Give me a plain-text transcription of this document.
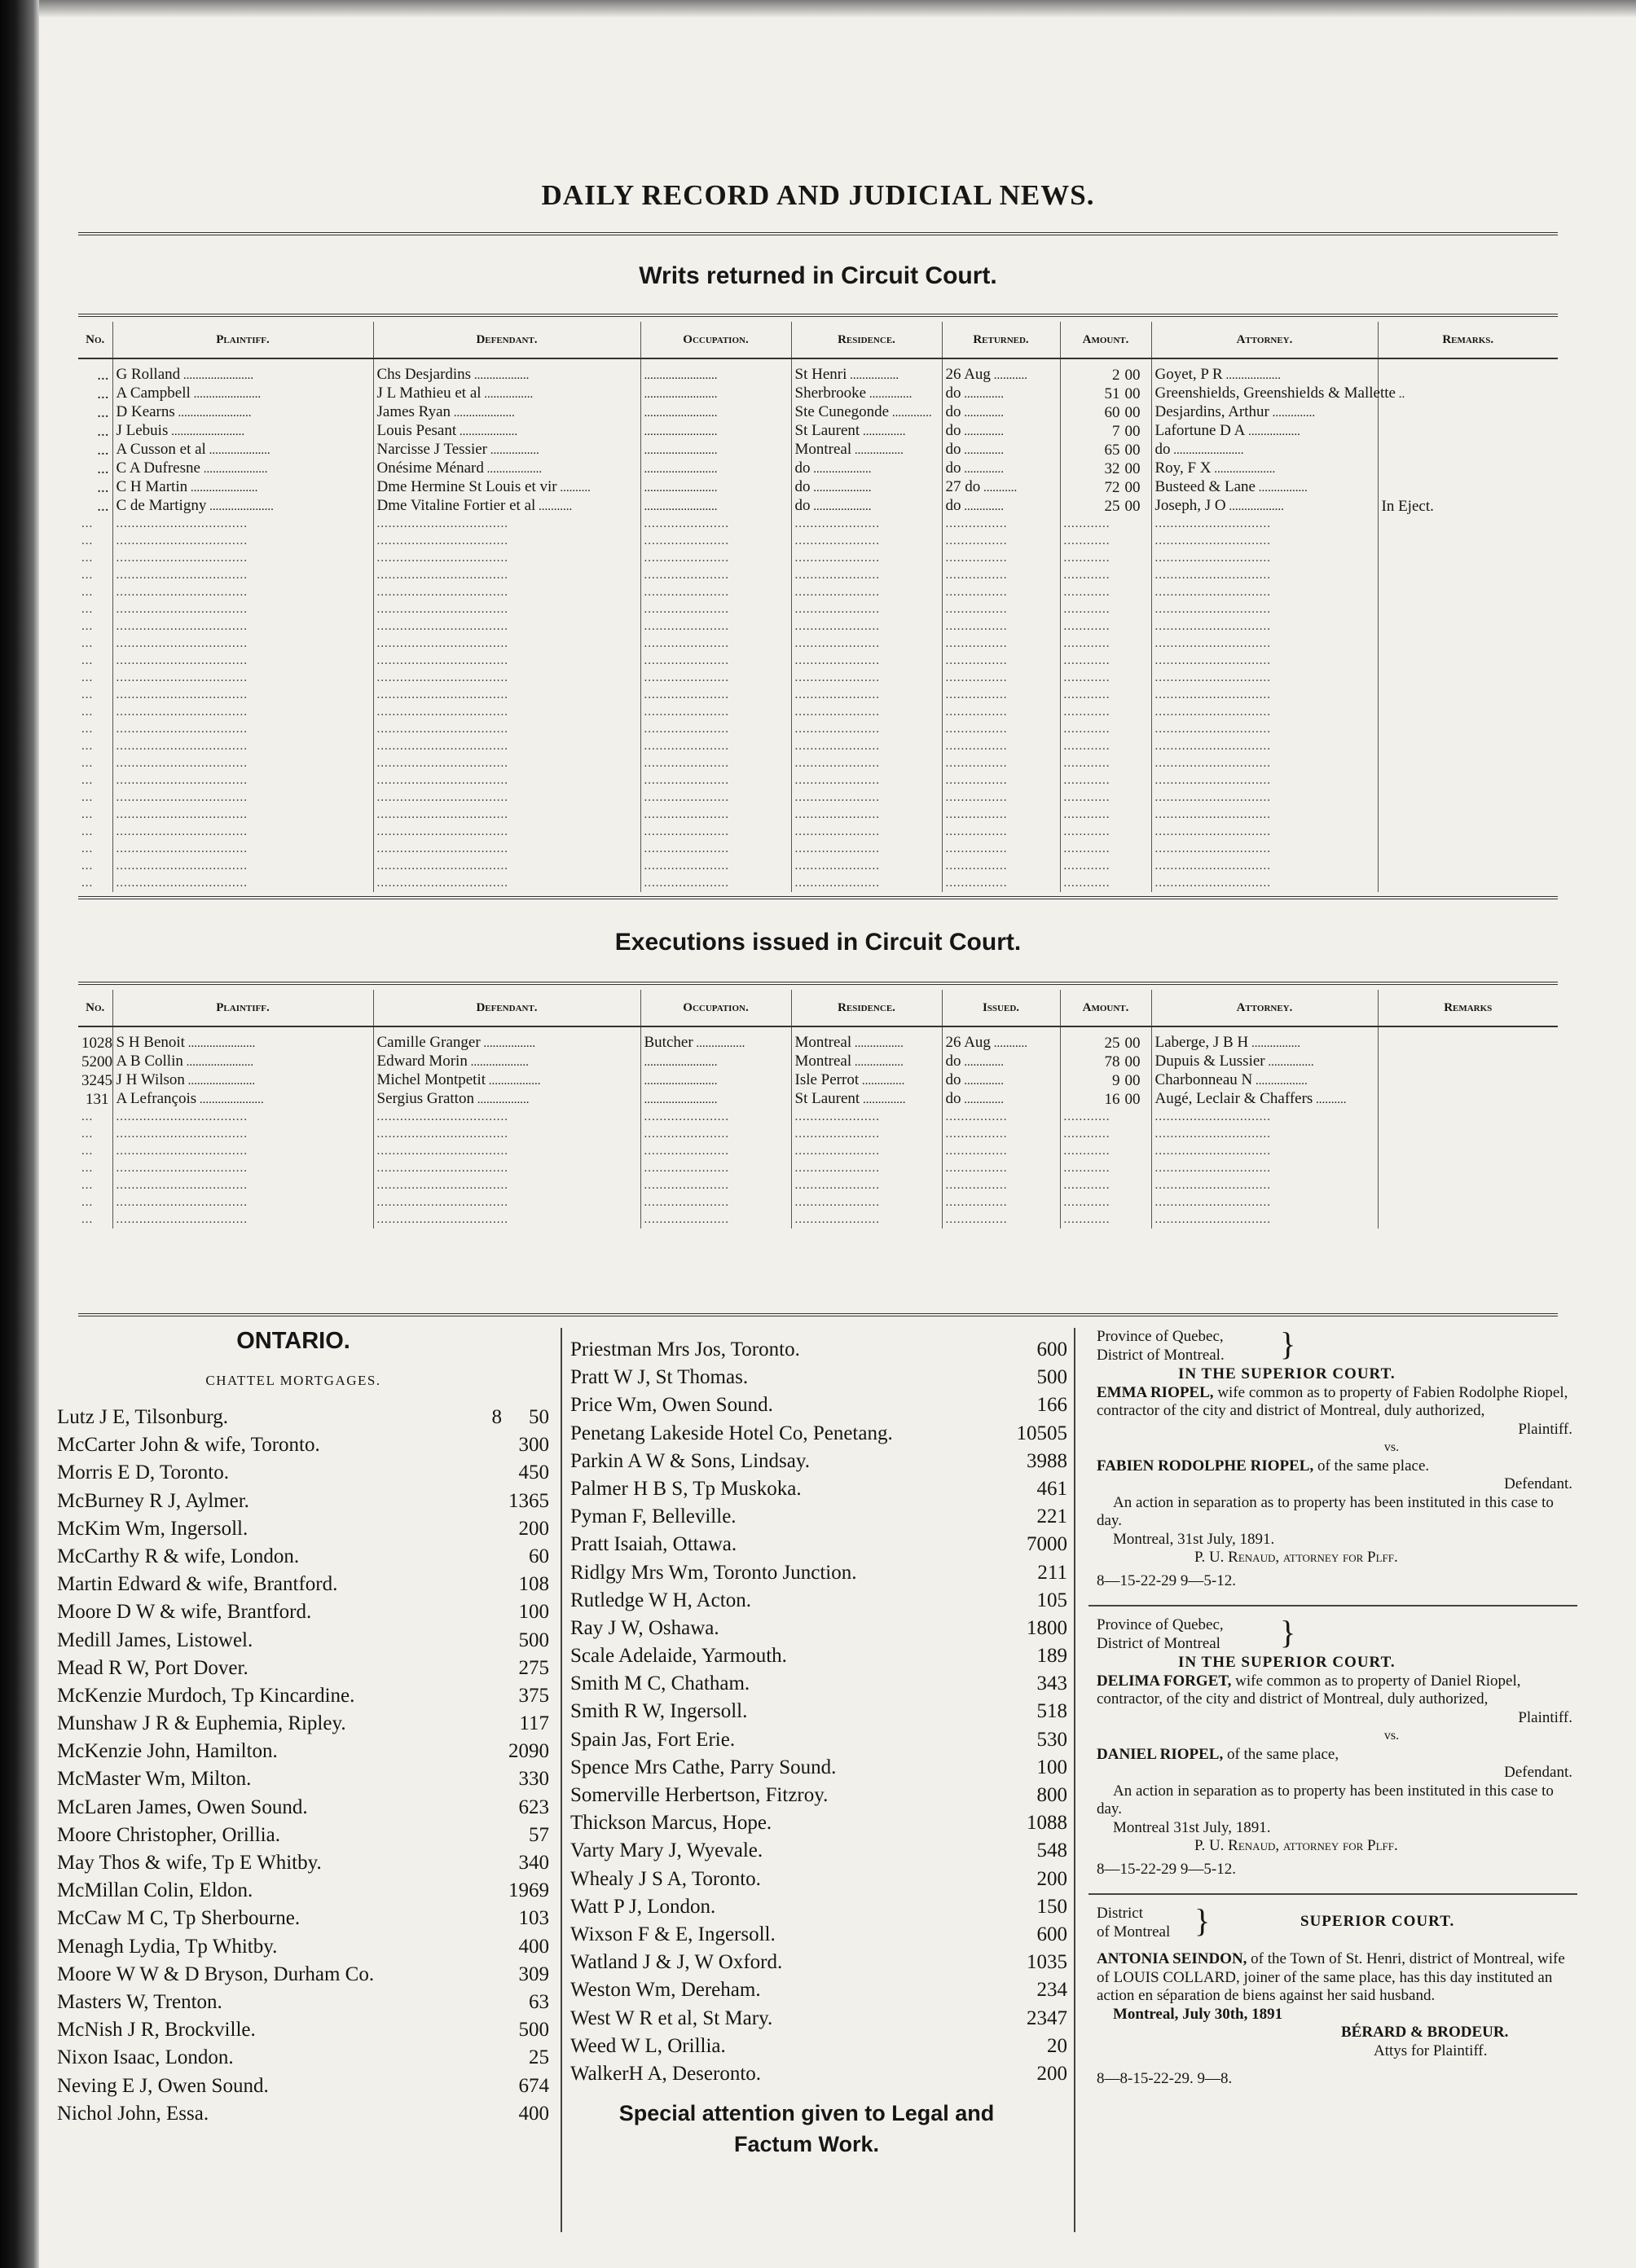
DAILY RECORD AND JUDICIAL NEWS.
Writs returned in Circuit Court.
No.	Plaintiff.	Defendant.	Occupation.	Residence.	Returned.	Amount.	Attorney.	Remarks.

...	G Rolland .......................	Chs Desjardins ..................	........................	St Henri ................	26 Aug ...........	2 00	Goyet, P R ..................	
...	A Campbell ......................	J L Mathieu et al ................	........................	Sherbrooke ..............	do .............	51 00	Greenshields, Greenshields & Mallette ..	
...	D Kearns ........................	James Ryan ....................	........................	Ste Cunegonde .............	do .............	60 00	Desjardins, Arthur ..............	
...	J Lebuis ........................	Louis Pesant ...................	........................	St Laurent ..............	do .............	7 00	Lafortune D A .................	
...	A Cusson et al ....................	Narcisse J Tessier ................	........................	Montreal ................	do .............	65 00	do .......................	
...	C A Dufresne .....................	Onésime Ménard ..................	........................	do ...................	do .............	32 00	Roy, F X ....................	
...	C H Martin ......................	Dme Hermine St Louis et vir ..........	........................	do ...................	27 do ...........	72 00	Busteed & Lane ................	
...	C de Martigny .....................	Dme Vitaline Fortier et al ...........	........................	do ...................	do .............	25 00	Joseph, J O ..................	In Eject.
...	..................................	..................................	......................	......................	................	............	..............................	
...	..................................	..................................	......................	......................	................	............	..............................	
...	..................................	..................................	......................	......................	................	............	..............................	
...	..................................	..................................	......................	......................	................	............	..............................	
...	..................................	..................................	......................	......................	................	............	..............................	
...	..................................	..................................	......................	......................	................	............	..............................	
...	..................................	..................................	......................	......................	................	............	..............................	
...	..................................	..................................	......................	......................	................	............	..............................	
...	..................................	..................................	......................	......................	................	............	..............................	
...	..................................	..................................	......................	......................	................	............	..............................	
...	..................................	..................................	......................	......................	................	............	..............................	
...	..................................	..................................	......................	......................	................	............	..............................	
...	..................................	..................................	......................	......................	................	............	..............................	
...	..................................	..................................	......................	......................	................	............	..............................	
...	..................................	..................................	......................	......................	................	............	..............................	
...	..................................	..................................	......................	......................	................	............	..............................	
...	..................................	..................................	......................	......................	................	............	..............................	
...	..................................	..................................	......................	......................	................	............	..............................	
...	..................................	..................................	......................	......................	................	............	..............................	
...	..................................	..................................	......................	......................	................	............	..............................	
...	..................................	..................................	......................	......................	................	............	..............................	
...	..................................	..................................	......................	......................	................	............	..............................	
Executions issued in Circuit Court.
No.	Plaintiff.	Defendant.	Occupation.	Residence.	Issued.	Amount.	Attorney.	Remarks

1028	S H Benoit ......................	Camille Granger .................	Butcher ................	Montreal ................	26 Aug ...........	25 00	Laberge, J B H ................	
5200	A B Collin ......................	Edward Morin ...................	........................	Montreal ................	do .............	78 00	Dupuis & Lussier ...............	
3245	J H Wilson ......................	Michel Montpetit .................	........................	Isle Perrot ..............	do .............	9 00	Charbonneau N .................	
131	A Lefrançois .....................	Sergius Gratton .................	........................	St Laurent ..............	do .............	16 00	Augé, Leclair & Chaffers ..........	
...	..................................	..................................	......................	......................	................	............	..............................	
...	..................................	..................................	......................	......................	................	............	..............................	
...	..................................	..................................	......................	......................	................	............	..............................	
...	..................................	..................................	......................	......................	................	............	..............................	
...	..................................	..................................	......................	......................	................	............	..............................	
...	..................................	..................................	......................	......................	................	............	..............................	
...	..................................	..................................	......................	......................	................	............	..............................	
ONTARIO.
CHATTEL MORTGAGES.
Lutz J E, Tilsonburg.	8 50
McCarter John & wife, Toronto.	300
Morris E D, Toronto.	450
McBurney R J, Aylmer.	1365
McKim Wm, Ingersoll.	200
McCarthy R & wife, London.	60
Martin Edward & wife, Brantford.	108
Moore D W & wife, Brantford.	100
Medill James, Listowel.	500
Mead R W, Port Dover.	275
McKenzie Murdoch, Tp Kincardine.	375
Munshaw J R & Euphemia, Ripley.	117
McKenzie John, Hamilton.	2090
McMaster Wm, Milton.	330
McLaren James, Owen Sound.	623
Moore Christopher, Orillia.	57
May Thos & wife, Tp E Whitby.	340
McMillan Colin, Eldon.	1969
McCaw M C, Tp Sherbourne.	103
Menagh Lydia, Tp Whitby.	400
Moore W W & D Bryson, Durham Co.	309
Masters W, Trenton.	63
McNish J R, Brockville.	500
Nixon Isaac, London.	25
Neving E J, Owen Sound.	674
Nichol John, Essa.	400
Priestman Mrs Jos, Toronto.	600
Pratt W J, St Thomas.	500
Price Wm, Owen Sound.	166
Penetang Lakeside Hotel Co, Penetang.	10505
Parkin A W & Sons, Lindsay.	3988
Palmer H B S, Tp Muskoka.	461
Pyman F, Belleville.	221
Pratt Isaiah, Ottawa.	7000
Ridlgy Mrs Wm, Toronto Junction.	211
Rutledge W H, Acton.	105
Ray J W, Oshawa.	1800
Scale Adelaide, Yarmouth.	189
Smith M C, Chatham.	343
Smith R W, Ingersoll.	518
Spain Jas, Fort Erie.	530
Spence Mrs Cathe, Parry Sound.	100
Somerville Herbertson, Fitzroy.	800
Thickson Marcus, Hope.	1088
Varty Mary J, Wyevale.	548
Whealy J S A, Toronto.	200
Watt P J, London.	150
Wixson F & E, Ingersoll.	600
Watland J & J, W Oxford.	1035
Weston Wm, Dereham.	234
West W R et al, St Mary.	2347
Weed W L, Orillia.	20
WalkerH A, Deseronto.	200
Special attention given to Legal and Factum Work.
Province of Quebec,
District of Montreal.	}
IN THE SUPERIOR COURT.
EMMA RIOPEL, wife common as to property of Fabien Rodolphe Riopel, contractor of the city and district of Montreal, duly authorized,
Plaintiff.
vs.
FABIEN RODOLPHE RIOPEL, of the same place.
Defendant.
An action in separation as to property has been instituted in this case to day.
Montreal, 31st July, 1891.
P. U. Renaud, attorney for Plff.
8—15-22-29 9—5-12.
Province of Quebec,
District of Montreal	}
IN THE SUPERIOR COURT.
DELIMA FORGET, wife common as to property of Daniel Riopel, contractor, of the city and district of Montreal, duly authorized,
Plaintiff.
vs.
DANIEL RIOPEL, of the same place,
Defendant.
An action in separation as to property has been instituted in this case to day.
Montreal 31st July, 1891.
P. U. Renaud, attorney for Plff.
8—15-22-29 9—5-12.
District
of Montreal }	SUPERIOR COURT.
ANTONIA SEINDON, of the Town of St. Henri, district of Montreal, wife of LOUIS COLLARD, joiner of the same place, has this day instituted an action en séparation de biens against her said husband.
Montreal, July 30th, 1891
BÉRARD & BRODEUR.
Attys for Plaintiff.
8—8-15-22-29. 9—8.
